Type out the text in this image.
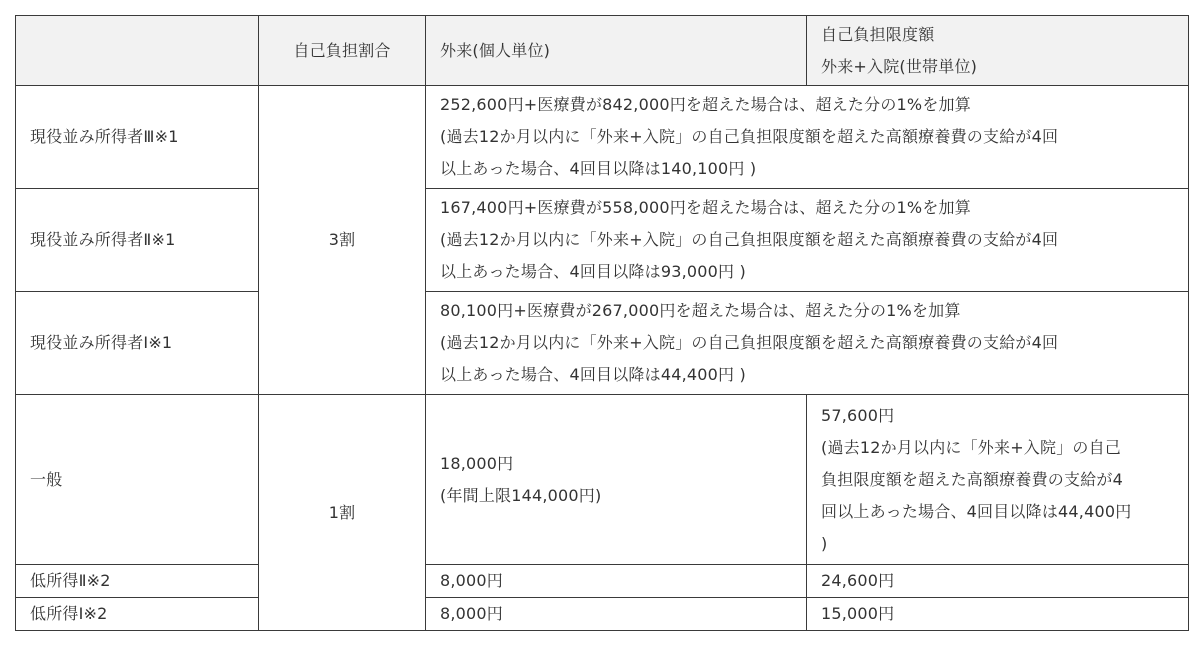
	自己負担割合	外来(個人単位)	自己負担限度額
外来+入院(世帯単位)

現役並み所得者Ⅲ※1	3割	252,600円+医療費が842,000円を超えた場合は、超えた分の1%を加算
(過去12か月以内に「外来+入院」の自己負担限度額を超えた高額療養費の支給が4回
以上あった場合、4回目以降は140,100円 )	

現役並み所得者Ⅱ※1		167,400円+医療費が558,000円を超えた場合は、超えた分の1%を加算
(過去12か月以内に「外来+入院」の自己負担限度額を超えた高額療養費の支給が4回
以上あった場合、4回目以降は93,000円 )	

現役並み所得者Ⅰ※1		80,100円+医療費が267,000円を超えた場合は、超えた分の1%を加算
(過去12か月以内に「外来+入院」の自己負担限度額を超えた高額療養費の支給が4回
以上あった場合、4回目以降は44,400円 )	

一般	1割	18,000円
(年間上限144,000円)	57,600円
(過去12か月以内に「外来+入院」の自己
負担限度額を超えた高額療養費の支給が4
回以上あった場合、4回目以降は44,400円
)

低所得Ⅱ※2		8,000円	24,600円
低所得Ⅰ※2		8,000円	15,000円
